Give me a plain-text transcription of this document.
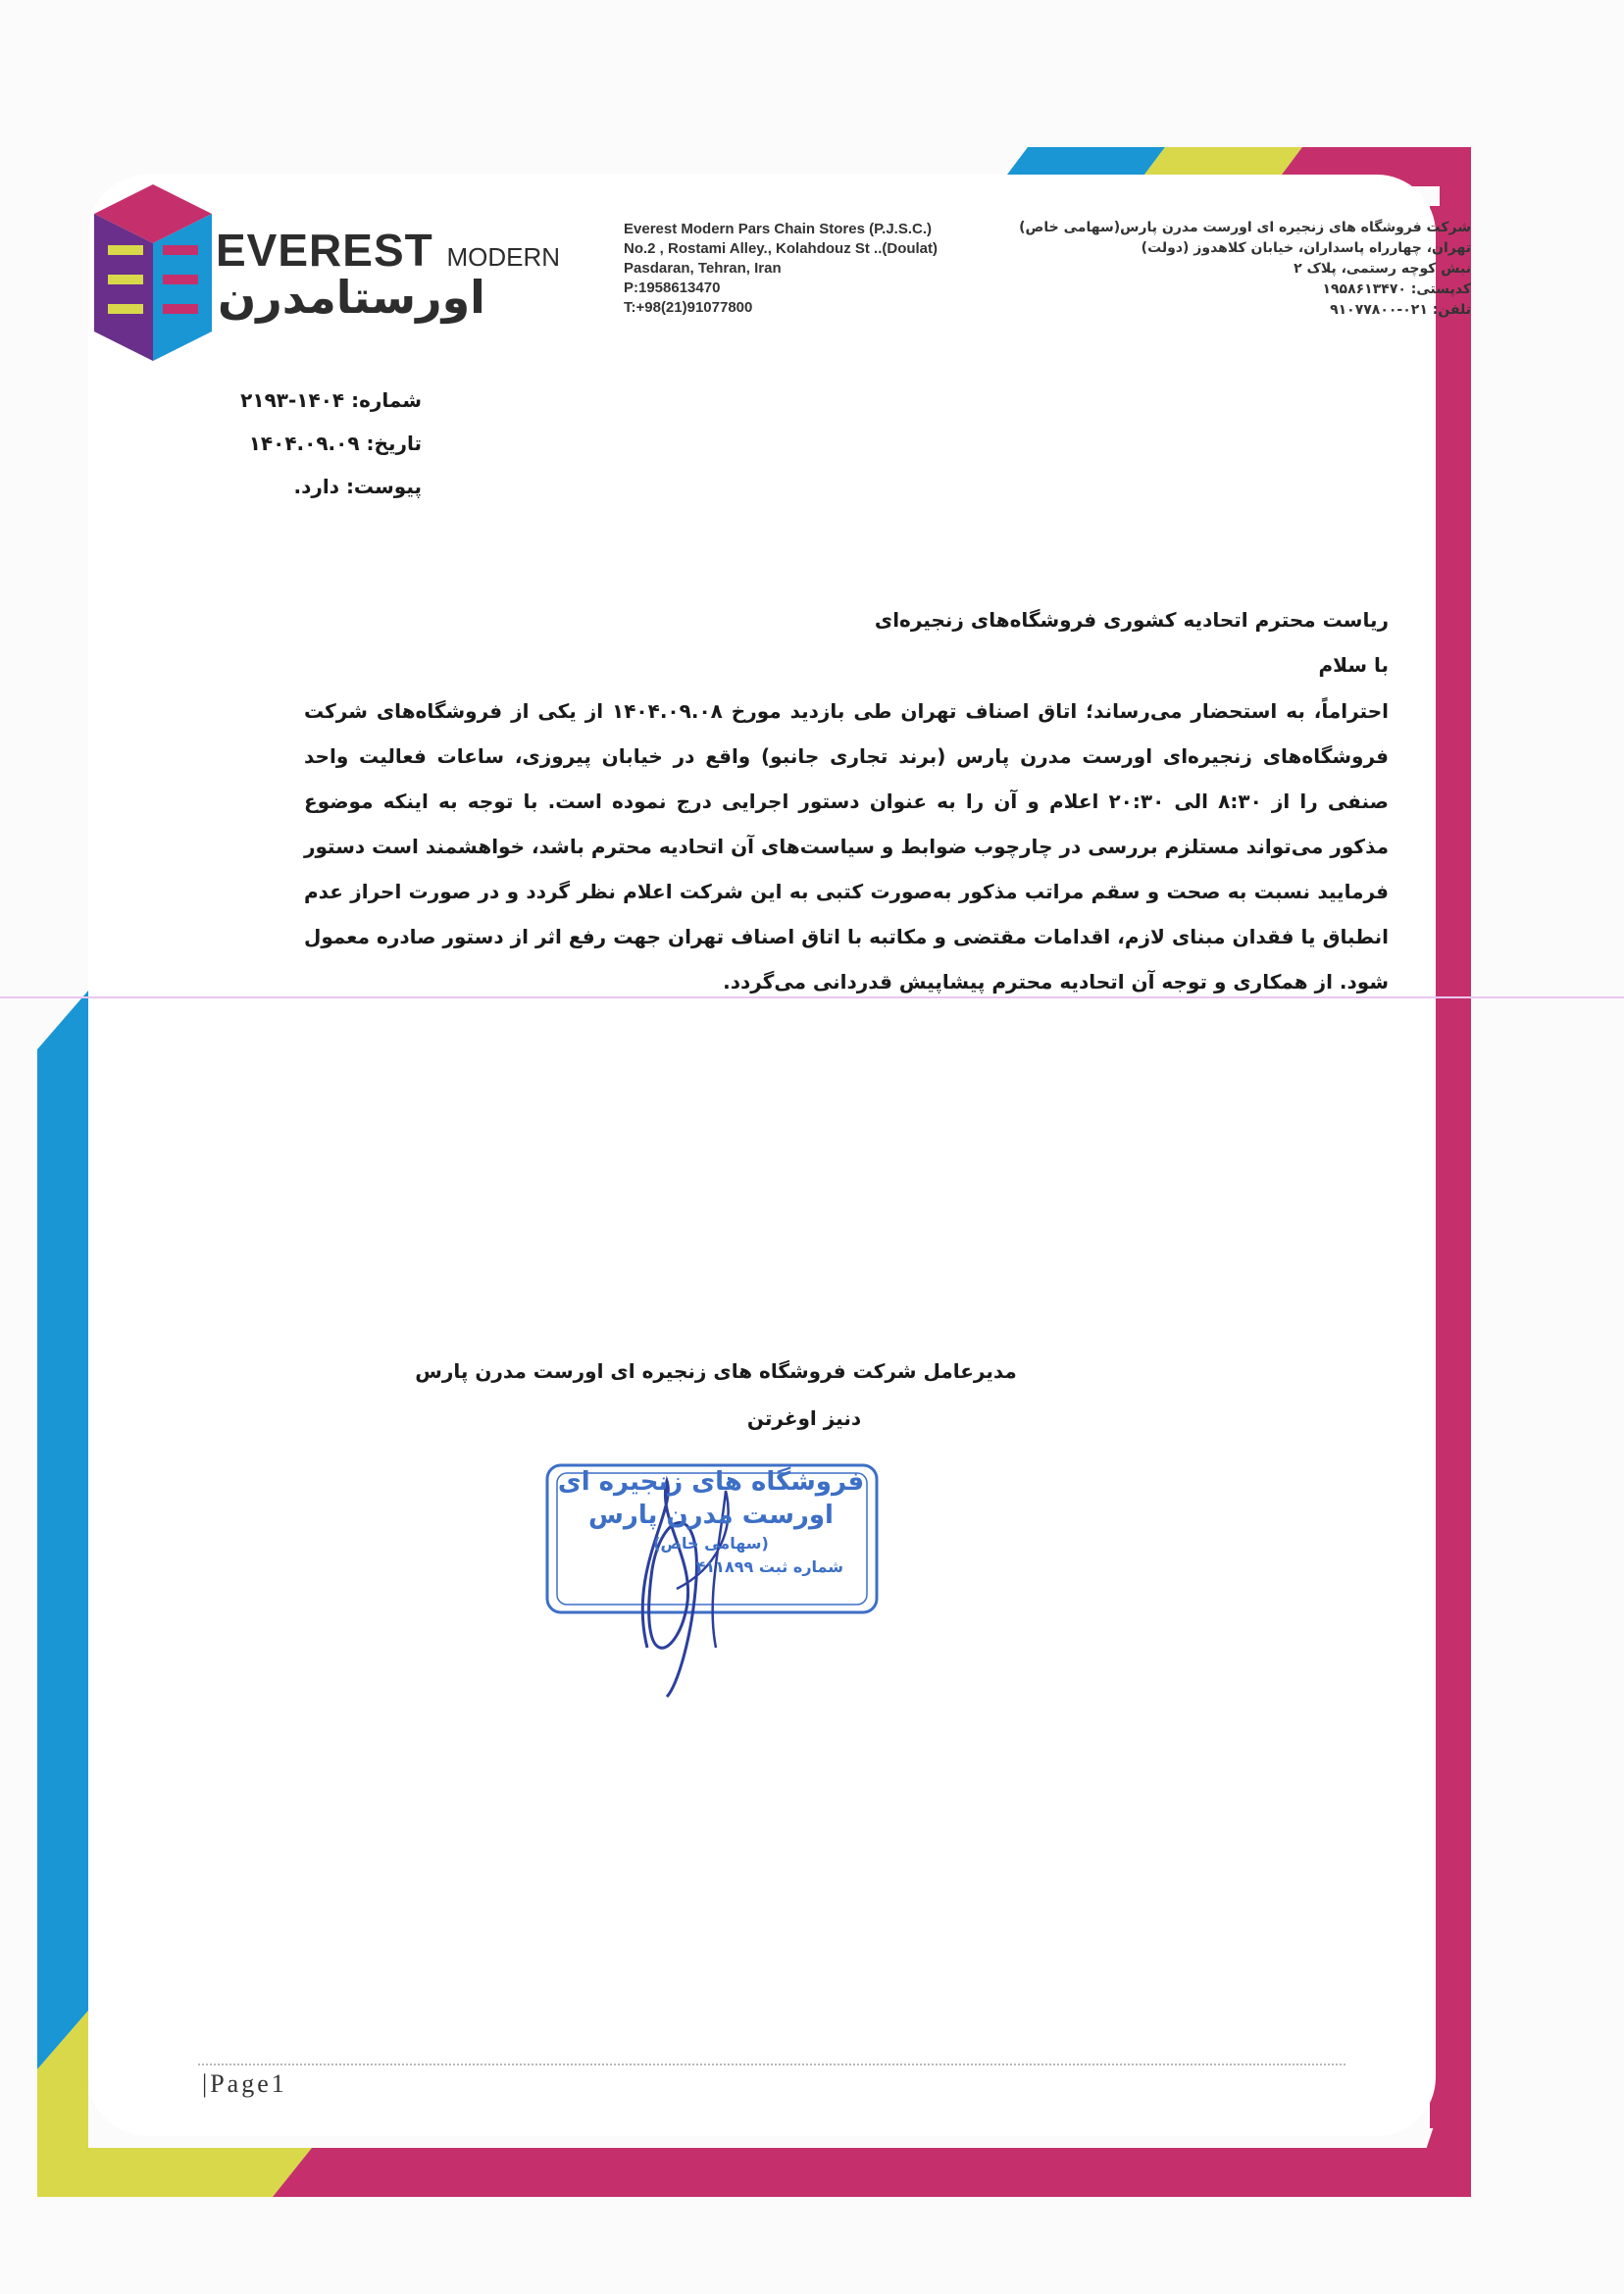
EVEREST MODERN
اورستامدرن
Everest Modern Pars Chain Stores (P.J.S.C.)
No.2 , Rostami Alley., Kolahdouz St ..(Doulat)
Pasdaran, Tehran, Iran
P:1958613470
T:+98(21)91077800
شرکت فروشگاه های زنجیره ای اورست مدرن پارس(سهامی خاص)
تهران، چهارراه پاسداران، خیابان کلاهدوز (دولت)
نبش کوچه رستمی، پلاک ۲
کدپستی: ۱۹۵۸۶۱۳۴۷۰
تلفن: ۰۲۱-۹۱۰۷۷۸۰۰
شماره: ۱۴۰۴-۲۱۹۳
تاریخ: ۱۴۰۴.۰۹.۰۹
پیوست: دارد.
ریاست محترم اتحادیه کشوری فروشگاه‌های زنجیره‌ای
با سلام
احتراماً، به استحضار می‌رساند؛ اتاق اصناف تهران طی بازدید مورخ ۱۴۰۴.۰۹.۰۸ از یکی از فروشگاه‌های شرکت فروشگاه‌های زنجیره‌ای اورست مدرن پارس (برند تجاری جانبو) واقع در خیابان پیروزی، ساعات فعالیت واحد صنفی را از ۸:۳۰ الی ۲۰:۳۰ اعلام و آن را به عنوان دستور اجرایی درج نموده است. با توجه به اینکه موضوع مذکور می‌تواند مستلزم بررسی در چارچوب ضوابط و سیاست‌های آن اتحادیه محترم باشد، خواهشمند است دستور فرمایید نسبت به صحت و سقم مراتب مذکور به‌صورت کتبی به این شرکت اعلام نظر گردد و در صورت احراز عدم انطباق یا فقدان مبنای لازم، اقدامات مقتضی و مکاتبه با اتاق اصناف تهران جهت رفع اثر از دستور صادره معمول شود. از همکاری و توجه آن اتحادیه محترم پیشاپیش قدردانی می‌گردد.
مدیرعامل شرکت فروشگاه های زنجیره ای اورست مدرن پارس
دنیز اوغرتن
فروشگاه های زنجیره ای
اورست مدرن پارس
(سهامی خاص)
شماره ثبت ۴۱۱۸۹۹
|Page1
